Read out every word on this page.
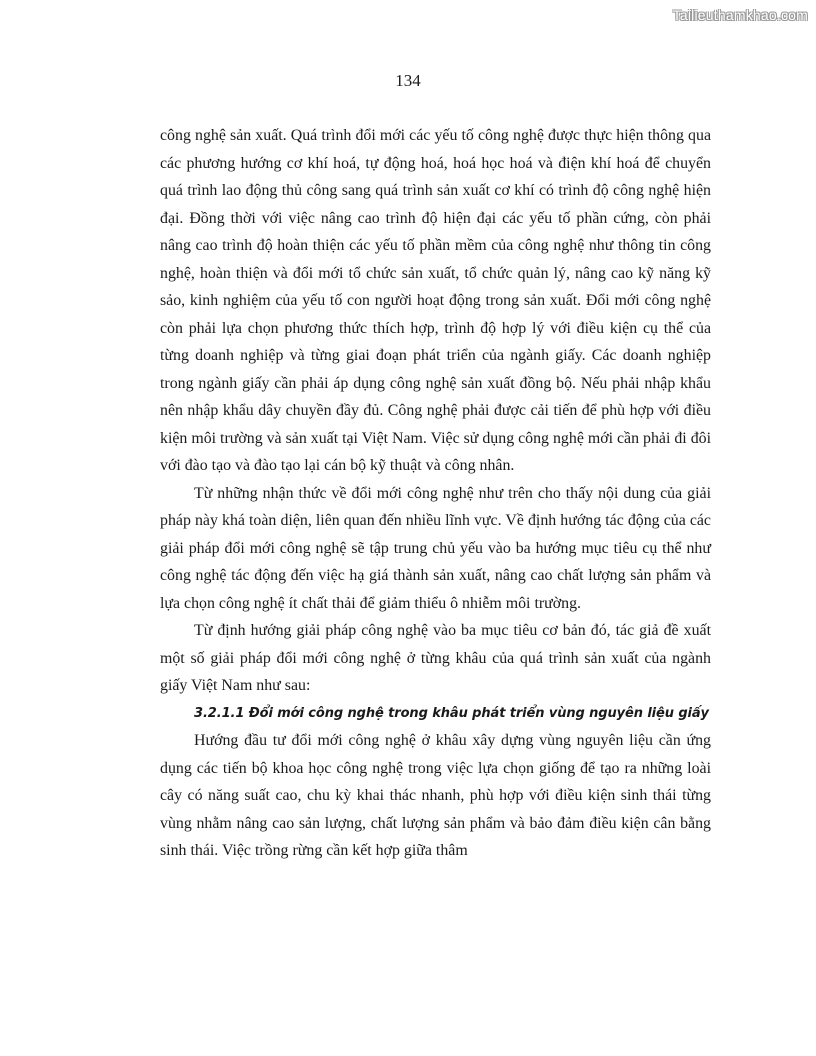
Tailieuthamkhao.com
134

công nghệ sản xuất. Quá trình đổi mới các yếu tố công nghệ được thực hiện thông qua các phương hướng cơ khí hoá, tự động hoá, hoá học hoá và điện khí hoá để chuyển quá trình lao động thủ công sang quá trình sản xuất cơ khí có trình độ công nghệ hiện đại. Đồng thời với việc nâng cao trình độ hiện đại các yếu tố phần cứng, còn phải nâng cao trình độ hoàn thiện các yếu tố phần mềm của công nghệ như thông tin công nghệ, hoàn thiện và đổi mới tổ chức sản xuất, tổ chức quản lý, nâng cao kỹ năng kỹ sảo, kinh nghiệm của yếu tố con người hoạt động trong sản xuất. Đổi mới công nghệ còn phải lựa chọn phương thức thích hợp, trình độ hợp lý với điều kiện cụ thể của từng doanh nghiệp và từng giai đoạn phát triển của ngành giấy. Các doanh nghiệp trong ngành giấy cần phải áp dụng công nghệ sản xuất đồng bộ. Nếu phải nhập khẩu nên nhập khẩu dây chuyền đầy đủ. Công nghệ phải được cải tiến để phù hợp với điều kiện môi trường và sản xuất tại Việt Nam. Việc sử dụng công nghệ mới cần phải đi đôi với đào tạo và đào tạo lại cán bộ kỹ thuật và công nhân.

Từ những nhận thức về đổi mới công nghệ như trên cho thấy nội dung của giải pháp này khá toàn diện, liên quan đến nhiều lĩnh vực. Về định hướng tác động của các giải pháp đổi mới công nghệ sẽ tập trung chủ yếu vào ba hướng mục tiêu cụ thể như công nghệ tác động đến việc hạ giá thành sản xuất, nâng cao chất lượng sản phẩm và lựa chọn công nghệ ít chất thải để giảm thiểu ô nhiễm môi trường.

Từ định hướng giải pháp công nghệ vào ba mục tiêu cơ bản đó, tác giả đề xuất một số giải pháp đổi mới công nghệ ở từng khâu của quá trình sản xuất của ngành giấy Việt Nam như sau:

3.2.1.1 Đổi mới công nghệ trong khâu phát triển vùng nguyên liệu giấy

Hướng đầu tư đổi mới công nghệ ở khâu xây dựng vùng nguyên liệu cần ứng dụng các tiến bộ khoa học công nghệ trong việc lựa chọn giống để tạo ra những loài cây có năng suất cao, chu kỳ khai thác nhanh, phù hợp với điều kiện sinh thái từng vùng nhằm nâng cao sản lượng, chất lượng sản phẩm và bảo đảm điều kiện cân bằng sinh thái. Việc trồng rừng cần kết hợp giữa thâm
